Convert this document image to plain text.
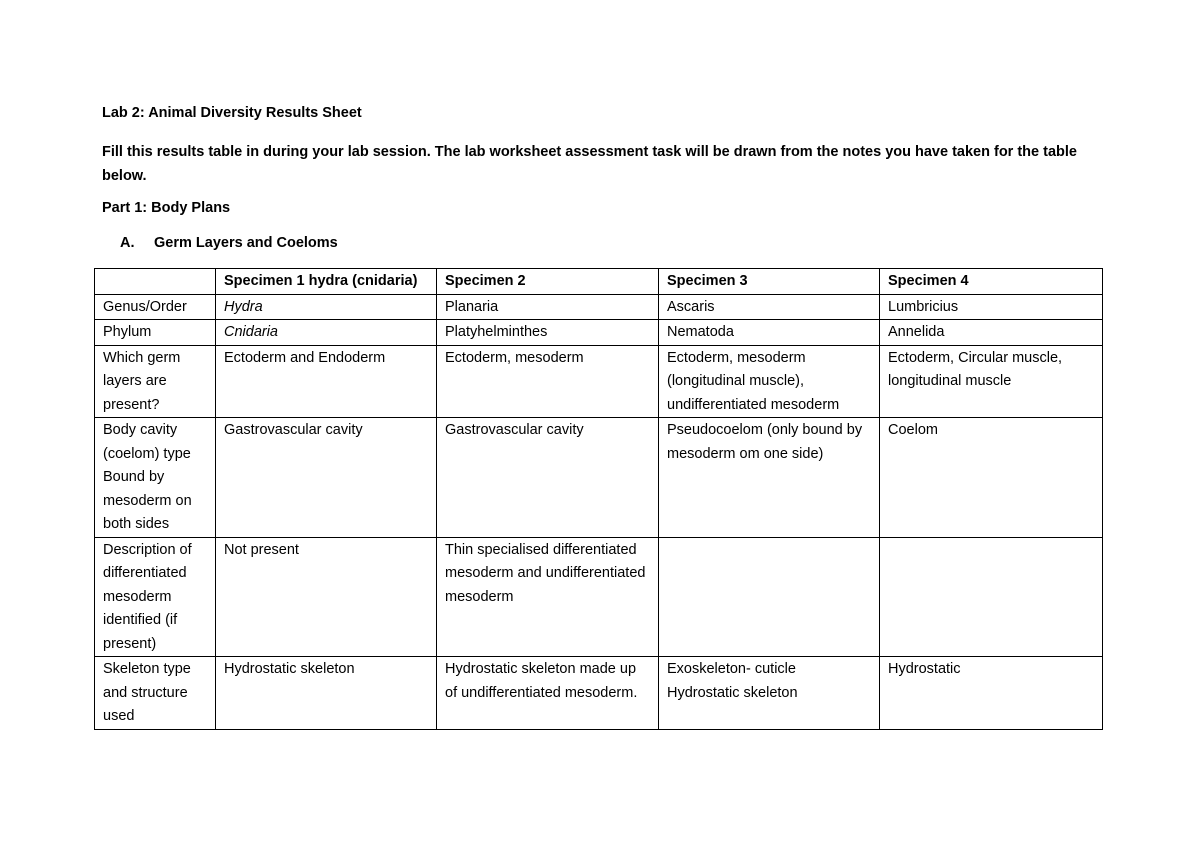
Lab 2: Animal Diversity Results Sheet
Fill this results table in during your lab session. The lab worksheet assessment task will be drawn from the notes you have taken for the table below.
Part 1: Body Plans
A. Germ Layers and Coeloms
	Specimen 1 hydra (cnidaria)	Specimen 2	Specimen 3	Specimen 4
Genus/Order	Hydra	Planaria	Ascaris	Lumbricius
Phylum	Cnidaria	Platyhelminthes	Nematoda	Annelida
Which germ layers are present?	Ectoderm and Endoderm	Ectoderm, mesoderm	Ectoderm, mesoderm (longitudinal muscle), undifferentiated mesoderm	Ectoderm, Circular muscle, longitudinal muscle
Body cavity (coelom) type Bound by mesoderm on both sides	Gastrovascular cavity	Gastrovascular cavity	Pseudocoelom (only bound by mesoderm om one side)	Coelom
Description of differentiated mesoderm identified (if present)	Not present	Thin specialised differentiated mesoderm and undifferentiated mesoderm		
Skeleton type and structure used	Hydrostatic skeleton	Hydrostatic skeleton made up of undifferentiated mesoderm.	Exoskeleton- cuticle Hydrostatic skeleton	Hydrostatic
